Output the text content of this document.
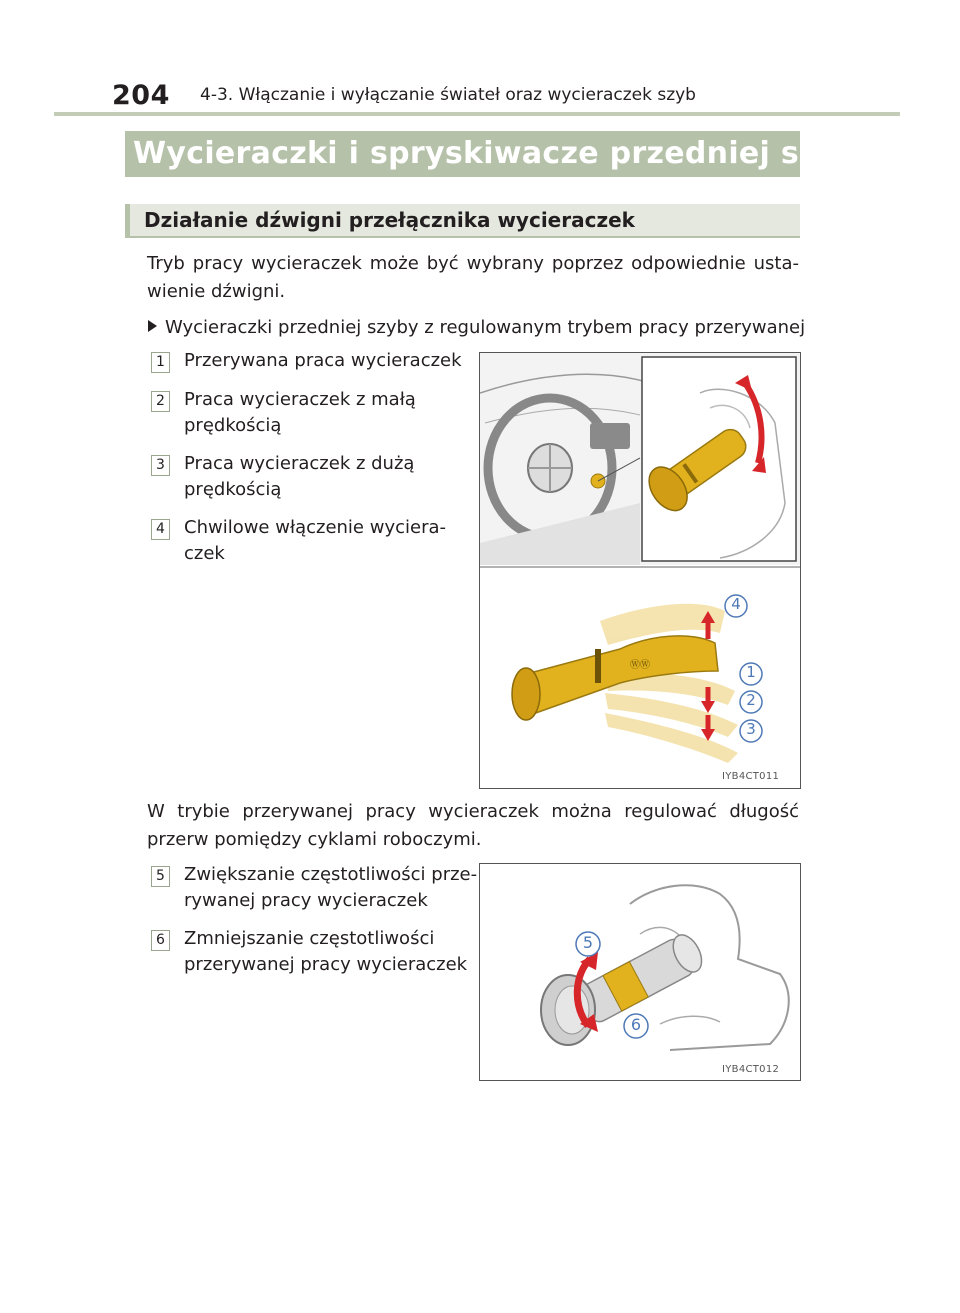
204 4-3. Włączanie i wyłączanie świateł oraz wycieraczek szyb
Wycieraczki i spryskiwacze przedniej szyby
Działanie dźwigni przełącznika wycieraczek
Tryb pracy wycieraczek może być wybrany poprzez odpowiednie usta-
wienie dźwigni.
Wycieraczki przedniej szyby z regulowanym trybem pracy przerywanej
1 Przerywana praca wycieraczek
2 Praca wycieraczek z małą
prędkością
3 Praca wycieraczek z dużą
prędkością
4 Chwilowe włączenie wyciera-
czek
ⓌⓌ
IYB4CT011
4
1
2
3
W trybie przerywanej pracy wycieraczek można regulować długość
przerw pomiędzy cyklami roboczymi.
5 Zwiększanie częstotliwości prze-
rywanej pracy wycieraczek
6 Zmniejszanie częstotliwości
przerywanej pracy wycieraczek
5
6
IYB4CT012
